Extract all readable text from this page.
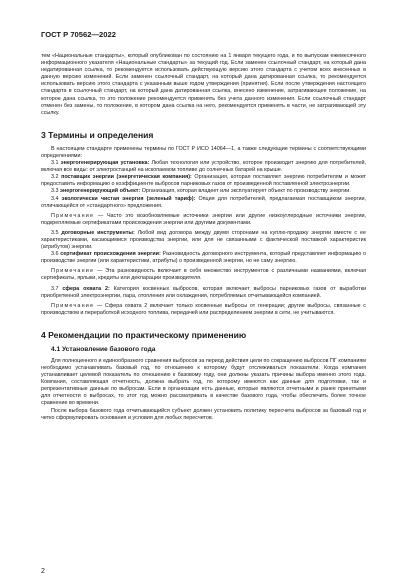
ГОСТ Р 70562—2022

тем «Национальные стандарты», который опубликован по состоянию на 1 января текущего года, и по выпускам ежемесячного информационного указателя «Национальные стандарты» за текущий год. Если заменен ссылочный стандарт, на который дана недатированная ссылка, то рекомендуется использовать действующую версию этого стандарта с учетом всех внесенных в данную версию изменений. Если заменен ссылочный стандарт, на который дана датированная ссылка, то рекомендуется использовать версию этого стандарта с указанным выше годом утверждения (принятия). Если после утверждения настоящего стандарта в ссылочный стандарт, на который дана датированная ссылка, внесено изменение, затрагивающее положение, на которое дана ссылка, то это положение рекомендуется применять без учета данного изменения. Если ссылочный стандарт отменен без замены, то положение, в котором дана ссылка на него, рекомендуется применять в части, не затрагивающей эту ссылку.

3 Термины и определения

В настоящем стандарте применены термины по ГОСТ Р ИСО 14064—1, а также следующие термины с соответствующими определениями:

3.1 энергогенерирующая установка: Любая технология или устройство, которое производит энергию для потребителей, включая все виды: от электростанций на ископаемом топливе до солнечных батарей на крыше.

3.2 поставщик энергии (энергетическая компания): Организация, которая поставляет энергию потребителям и может предоставить информацию о коэффициенте выбросов парниковых газов от произведенной поставленной электроэнергии.

3.3 энергогенерирующий объект: Организация, которая владеет или эксплуатирует объект по производству энергии.

3.4 экологически чистая энергия (зеленый тариф): Опция для потребителей, предлагаемая поставщиком энергии, отличающейся от «стандартного» предложения.

Примечание — Часто это возобновляемые источники энергии или другие низкоуглеродные источники энергии, подкрепляемые сертификатами происхождения энергии или другими документами.

3.5 договорные инструменты: Любой вид договора между двумя сторонами на куплю-продажу энергии вместе с ее характеристиками, касающимися производства энергии, или для не связанными с фактической поставкой характеристик (атрибутов) энергии.

3.6 сертификат происхождения энергии: Разновидность договорного инструмента, который представляет информацию о производстве энергии (или характеристики, атрибуты) о произведенной энергии, но не саму энергию.

Примечание — Эта разновидность включает в себя множество инструментов с различными названиями, включая сертификаты, ярлыки, кредиты или декларации производителя.

3.7 сфера охвата 2: Категория косвенных выбросов, которая включает выбросы парниковых газов от выработки приобретенной электроэнергии, пара, отопления или охлаждения, потребляемых отчитывающейся компанией.

Примечание — Сфера охвата 2 включает только косвенные выбросы от генерации; другие выбросы, связанные с производством и переработкой исходного топлива, передачей или распределением энергии в сети, не учитываются.

4 Рекомендации по практическому применению
4.1 Установление базового года

Для полноценного и единообразного сравнения выбросов за период действия цели по сокращению выбросов ПГ компаниям необходимо устанавливать базовый год, по отношению к которому будут отслеживаться показатели. Когда компания устанавливает целевой показатель по отношению к базовому году, они должны указать причины выбора именно этого года. Компания, составляющая отчетность, должна выбрать год, по которому имеются как данные для подготовки, так и репрезентативные данные по выбросам. Если в организации есть данные, которые являются отчетными и ранее принятыми для отчетности о выбросах, то этот год можно рассматривать в качестве базового года, чтобы обеспечить более точное сравнение во времени.

После выбора базового года отчитывающийся субъект должен установить политику пересчета выбросов за базовый год и четко сформулировать основания и условия для любых пересчетов.

2
